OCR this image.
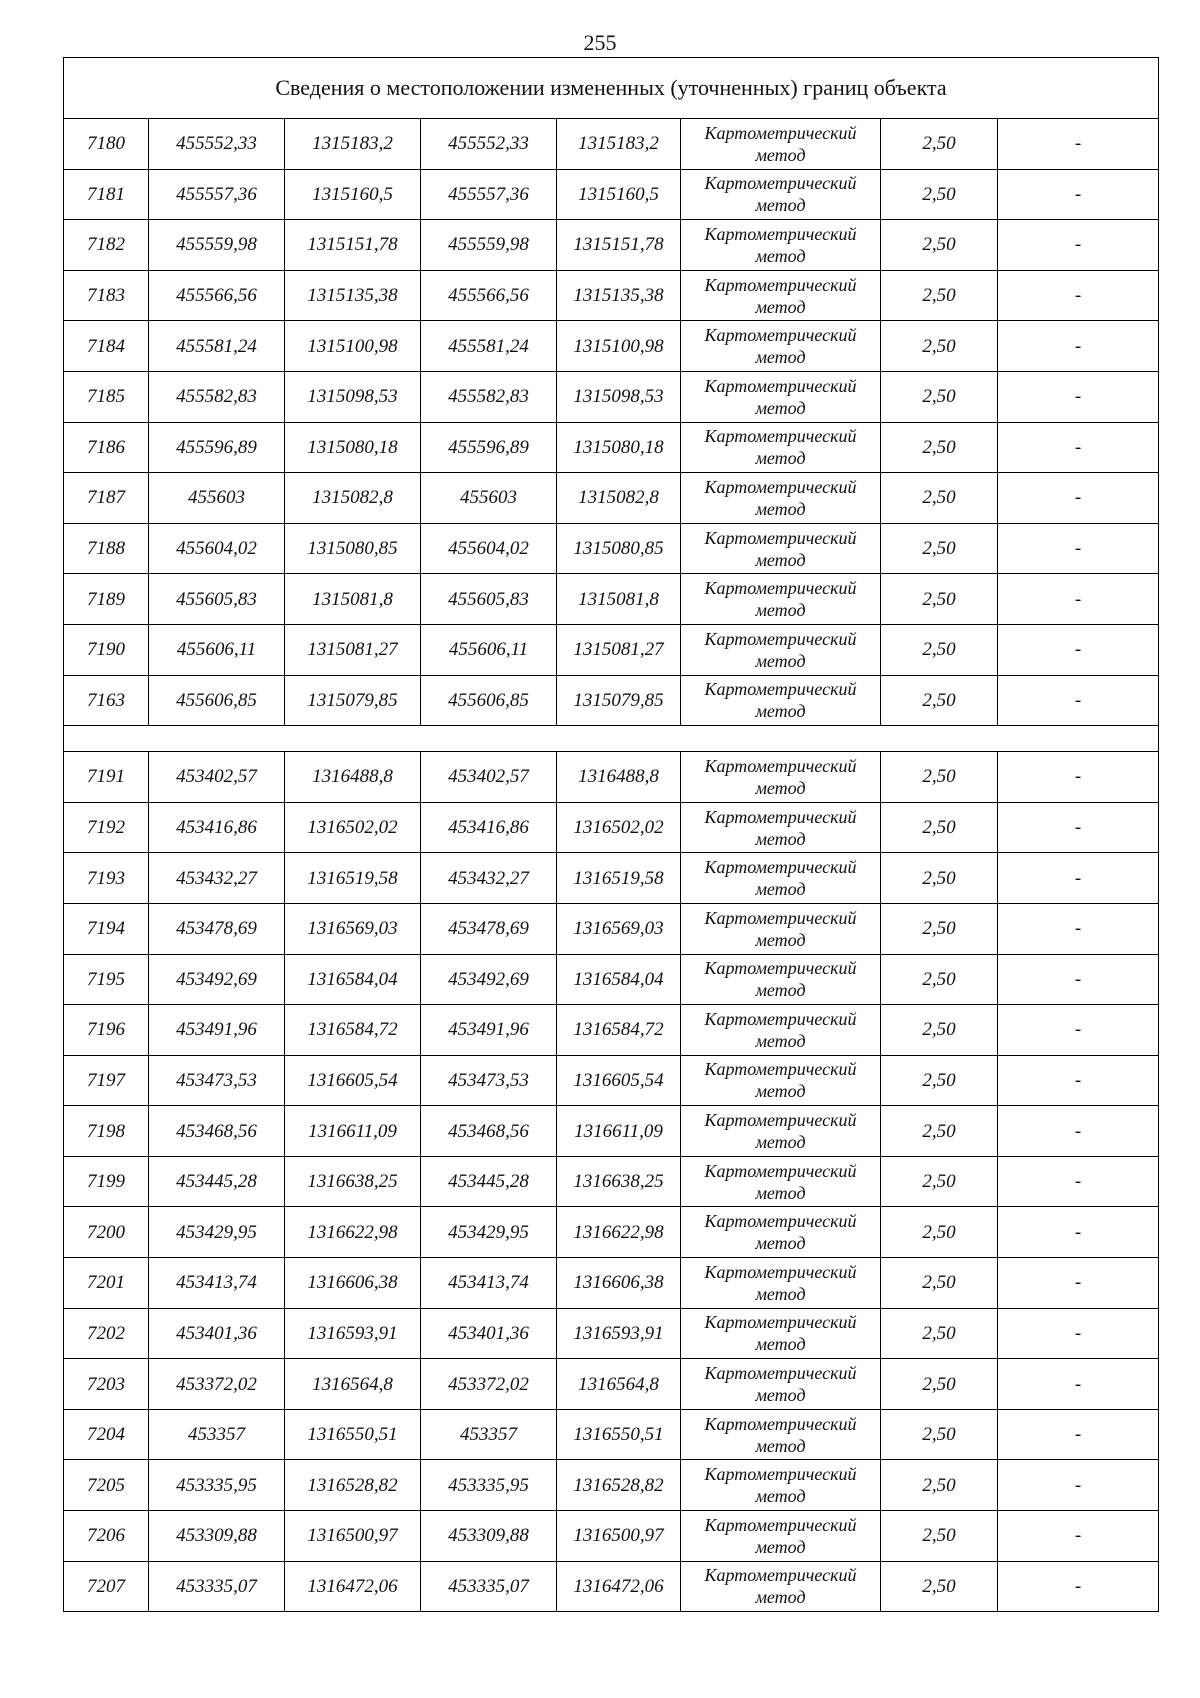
255
Сведения о местоположении измененных (уточненных) границ объекта							
7180	455552,33	1315183,2	455552,33	1315183,2	Картометрический метод	2,50	-
7181	455557,36	1315160,5	455557,36	1315160,5	Картометрический метод	2,50	-
7182	455559,98	1315151,78	455559,98	1315151,78	Картометрический метод	2,50	-
7183	455566,56	1315135,38	455566,56	1315135,38	Картометрический метод	2,50	-
7184	455581,24	1315100,98	455581,24	1315100,98	Картометрический метод	2,50	-
7185	455582,83	1315098,53	455582,83	1315098,53	Картометрический метод	2,50	-
7186	455596,89	1315080,18	455596,89	1315080,18	Картометрический метод	2,50	-
7187	455603	1315082,8	455603	1315082,8	Картометрический метод	2,50	-
7188	455604,02	1315080,85	455604,02	1315080,85	Картометрический метод	2,50	-
7189	455605,83	1315081,8	455605,83	1315081,8	Картометрический метод	2,50	-
7190	455606,11	1315081,27	455606,11	1315081,27	Картометрический метод	2,50	-
7163	455606,85	1315079,85	455606,85	1315079,85	Картометрический метод	2,50	-

7191	453402,57	1316488,8	453402,57	1316488,8	Картометрический метод	2,50	-
7192	453416,86	1316502,02	453416,86	1316502,02	Картометрический метод	2,50	-
7193	453432,27	1316519,58	453432,27	1316519,58	Картометрический метод	2,50	-
7194	453478,69	1316569,03	453478,69	1316569,03	Картометрический метод	2,50	-
7195	453492,69	1316584,04	453492,69	1316584,04	Картометрический метод	2,50	-
7196	453491,96	1316584,72	453491,96	1316584,72	Картометрический метод	2,50	-
7197	453473,53	1316605,54	453473,53	1316605,54	Картометрический метод	2,50	-
7198	453468,56	1316611,09	453468,56	1316611,09	Картометрический метод	2,50	-
7199	453445,28	1316638,25	453445,28	1316638,25	Картометрический метод	2,50	-
7200	453429,95	1316622,98	453429,95	1316622,98	Картометрический метод	2,50	-
7201	453413,74	1316606,38	453413,74	1316606,38	Картометрический метод	2,50	-
7202	453401,36	1316593,91	453401,36	1316593,91	Картометрический метод	2,50	-
7203	453372,02	1316564,8	453372,02	1316564,8	Картометрический метод	2,50	-
7204	453357	1316550,51	453357	1316550,51	Картометрический метод	2,50	-
7205	453335,95	1316528,82	453335,95	1316528,82	Картометрический метод	2,50	-
7206	453309,88	1316500,97	453309,88	1316500,97	Картометрический метод	2,50	-
7207	453335,07	1316472,06	453335,07	1316472,06	Картометрический метод	2,50	-
